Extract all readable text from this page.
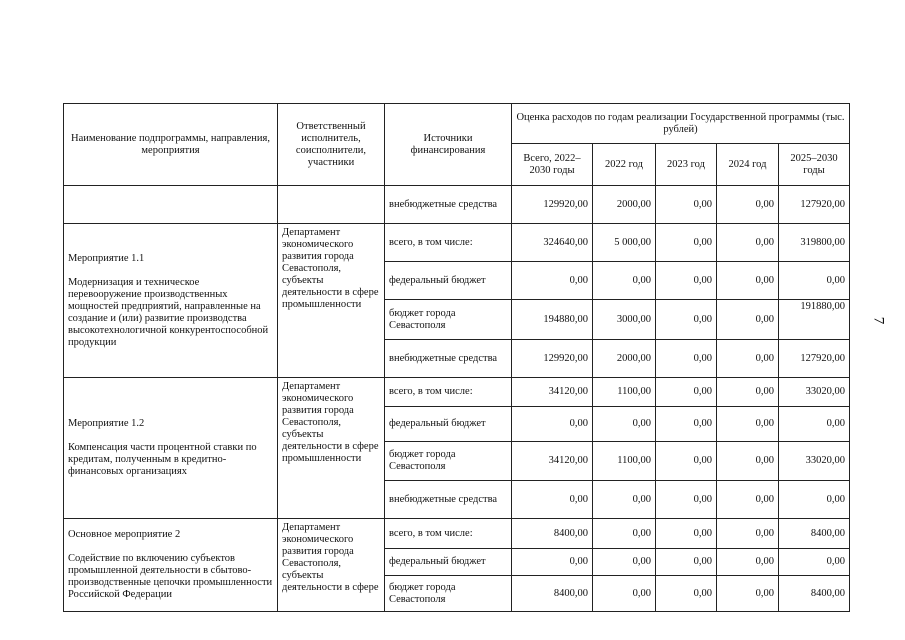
7
Наименование подпрограммы, направления, мероприятия	Ответственный исполнитель, соисполнители, участники	Источники финансирования	Оценка расходов по годам реализации Государственной программы (тыс. рублей)				
			Всего, 2022–2030 годы	2022 год	2023 год	2024 год	2025–2030 годы
		внебюджетные средства	129920,00	2000,00	0,00	0,00	127920,00

Мероприятие 1.1
Модернизация и техническое перевооружение производственных мощностей предприятий, направленные на создание и (или) развитие производства высокотехнологичной конкурентоспособной продукции	Департамент экономического развития города Севастополя, субъекты деятельности в сфере промышленности	всего, в том числе:	324640,00	5 000,00	0,00	0,00	319800,00
		федеральный бюджет	0,00	0,00	0,00	0,00	0,00
		бюджет города Севастополя	194880,00	3000,00	0,00	0,00	191880,00
		внебюджетные средства	129920,00	2000,00	0,00	0,00	127920,00

Мероприятие 1.2
Компенсация части процентной ставки по кредитам, полученным в кредитно-финансовых организациях	Департамент экономического развития города Севастополя, субъекты деятельности в сфере промышленности	всего, в том числе:	34120,00	1100,00	0,00	0,00	33020,00
		федеральный бюджет	0,00	0,00	0,00	0,00	0,00
		бюджет города Севастополя	34120,00	1100,00	0,00	0,00	33020,00
		внебюджетные средства	0,00	0,00	0,00	0,00	0,00

Основное мероприятие 2
Содействие по включению субъектов промышленной деятельности в сбытово-производственные цепочки промышленности Российской Федерации	Департамент экономического развития города Севастополя, субъекты деятельности в сфере	всего, в том числе:	8400,00	0,00	0,00	0,00	8400,00
		федеральный бюджет	0,00	0,00	0,00	0,00	0,00
		бюджет города Севастополя	8400,00	0,00	0,00	0,00	8400,00
